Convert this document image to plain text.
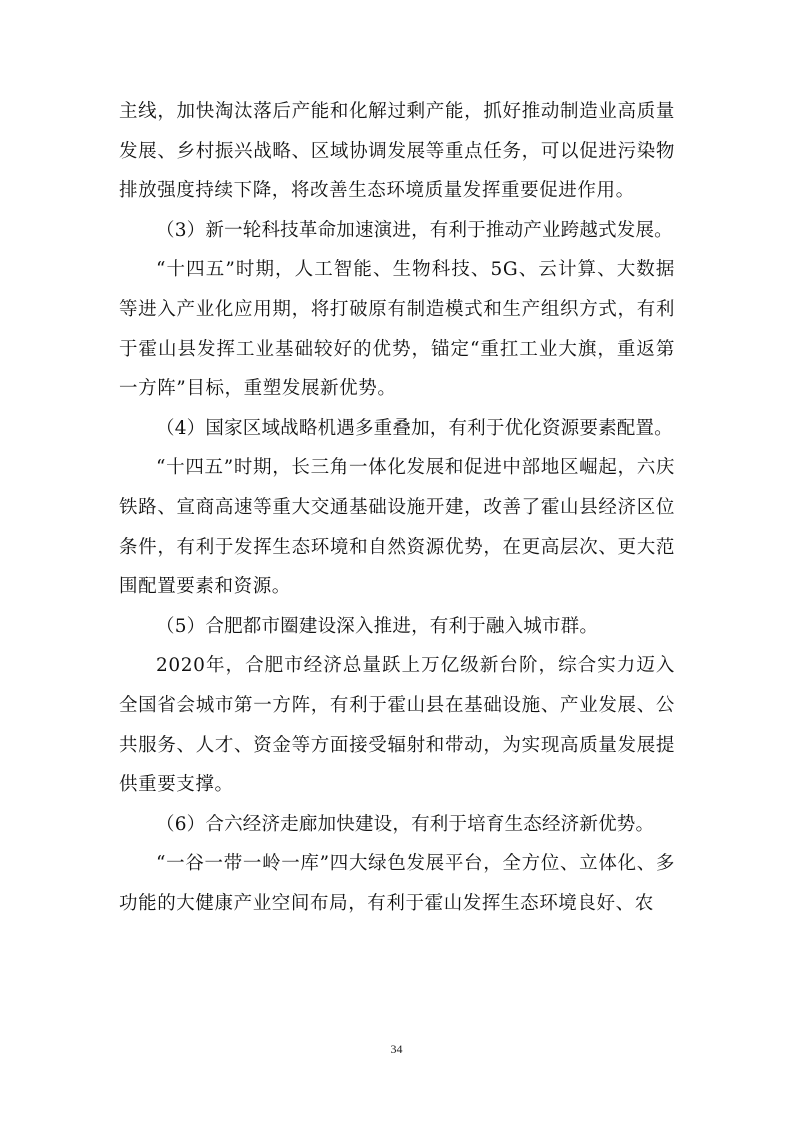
主线，加快淘汰落后产能和化解过剩产能，抓好推动制造业高质量发展、乡村振兴战略、区域协调发展等重点任务，可以促进污染物排放强度持续下降，将改善生态环境质量发挥重要促进作用。

（3）新一轮科技革命加速演进，有利于推动产业跨越式发展。

“十四五”时期，人工智能、生物科技、5G、云计算、大数据等进入产业化应用期，将打破原有制造模式和生产组织方式，有利于霍山县发挥工业基础较好的优势，锚定“重扛工业大旗，重返第一方阵”目标，重塑发展新优势。

（4）国家区域战略机遇多重叠加，有利于优化资源要素配置。

“十四五”时期，长三角一体化发展和促进中部地区崛起，六庆铁路、宣商高速等重大交通基础设施开建，改善了霍山县经济区位条件，有利于发挥生态环境和自然资源优势，在更高层次、更大范围配置要素和资源。

（5）合肥都市圈建设深入推进，有利于融入城市群。

2020年，合肥市经济总量跃上万亿级新台阶，综合实力迈入全国省会城市第一方阵，有利于霍山县在基础设施、产业发展、公共服务、人才、资金等方面接受辐射和带动，为实现高质量发展提供重要支撑。

（6）合六经济走廊加快建设，有利于培育生态经济新优势。

“一谷一带一岭一库”四大绿色发展平台，全方位、立体化、多功能的大健康产业空间布局，有利于霍山发挥生态环境良好、农

34
